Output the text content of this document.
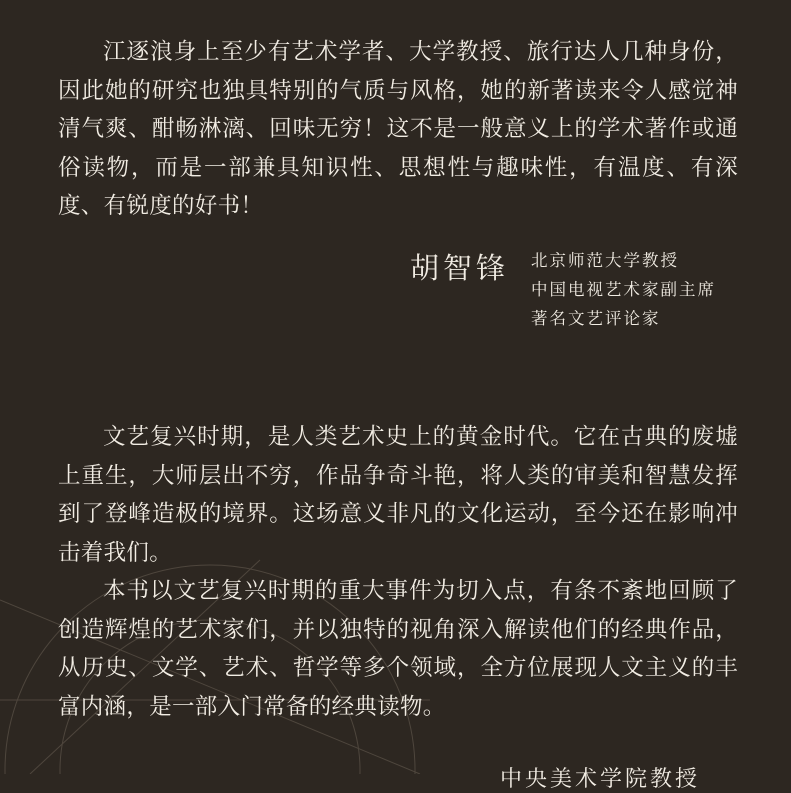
江逐浪身上至少有艺术学者、大学教授、旅行达人几种身份，因此她的研究也独具特别的气质与风格，她的新著读来令人感觉神清气爽、酣畅淋漓、回味无穷！这不是一般意义上的学术著作或通俗读物，而是一部兼具知识性、思想性与趣味性，有温度、有深度、有锐度的好书！

胡智锋 北京师范大学教授
中国电视艺术家副主席
著名文艺评论家

文艺复兴时期，是人类艺术史上的黄金时代。它在古典的废墟上重生，大师层出不穷，作品争奇斗艳，将人类的审美和智慧发挥到了登峰造极的境界。这场意义非凡的文化运动，至今还在影响冲击着我们。

本书以文艺复兴时期的重大事件为切入点，有条不紊地回顾了创造辉煌的艺术家们，并以独特的视角深入解读他们的经典作品，从历史、文学、艺术、哲学等多个领域，全方位展现人文主义的丰富内涵，是一部入门常备的经典读物。

中央美术学院教授
